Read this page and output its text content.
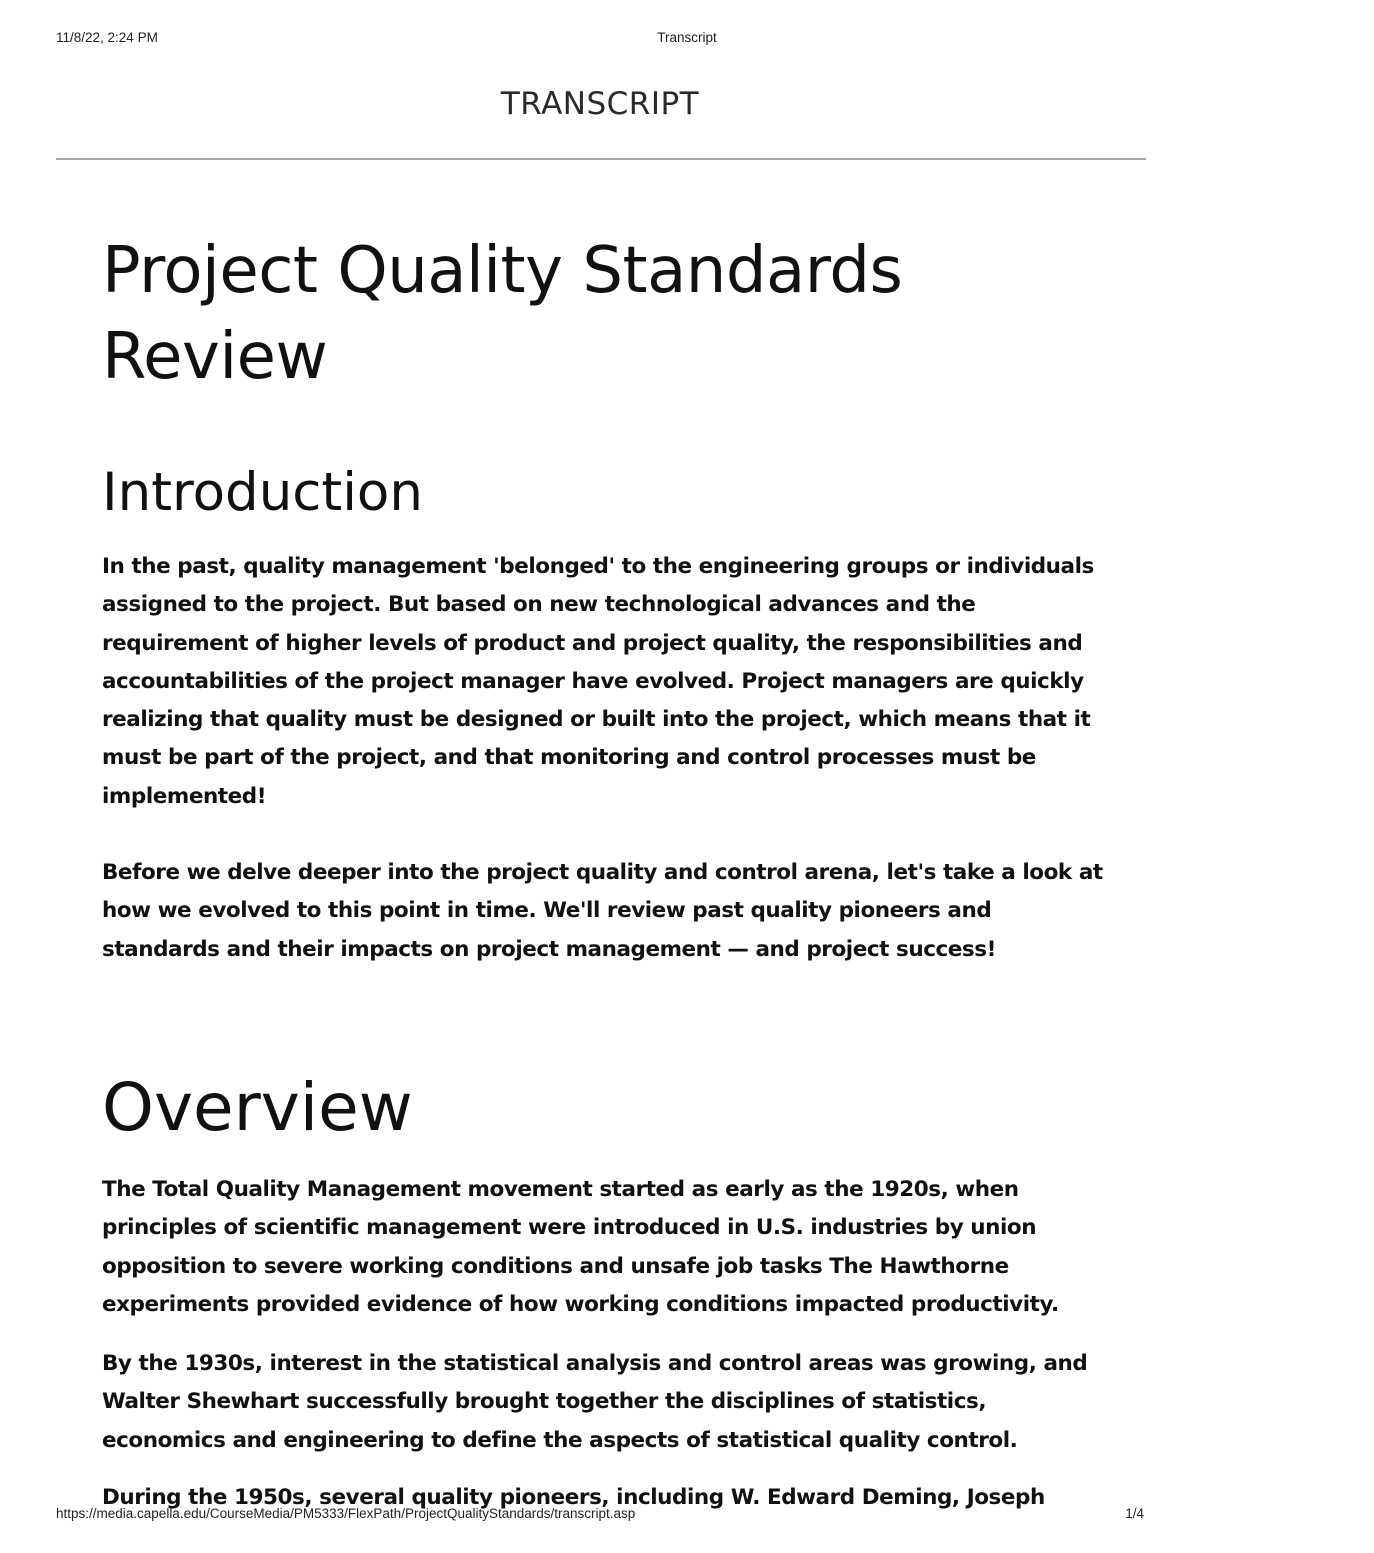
11/8/22, 2:24 PM	Transcript
TRANSCRIPT
Project Quality Standards Review
Introduction

In the past, quality management 'belonged' to the engineering groups or individuals assigned to the project. But based on new technological advances and the requirement of higher levels of product and project quality, the responsibilities and accountabilities of the project manager have evolved. Project managers are quickly realizing that quality must be designed or built into the project, which means that it must be part of the project, and that monitoring and control processes must be implemented!

Before we delve deeper into the project quality and control arena, let's take a look at how we evolved to this point in time. We'll review past quality pioneers and standards and their impacts on project management — and project success!

Overview

The Total Quality Management movement started as early as the 1920s, when principles of scientific management were introduced in U.S. industries by union opposition to severe working conditions and unsafe job tasks The Hawthorne experiments provided evidence of how working conditions impacted productivity.

By the 1930s, interest in the statistical analysis and control areas was growing, and Walter Shewhart successfully brought together the disciplines of statistics, economics and engineering to define the aspects of statistical quality control.

During the 1950s, several quality pioneers, including W. Edward Deming, Joseph

https://media.capella.edu/CourseMedia/PM5333/FlexPath/ProjectQualityStandards/transcript.asp	1/4
